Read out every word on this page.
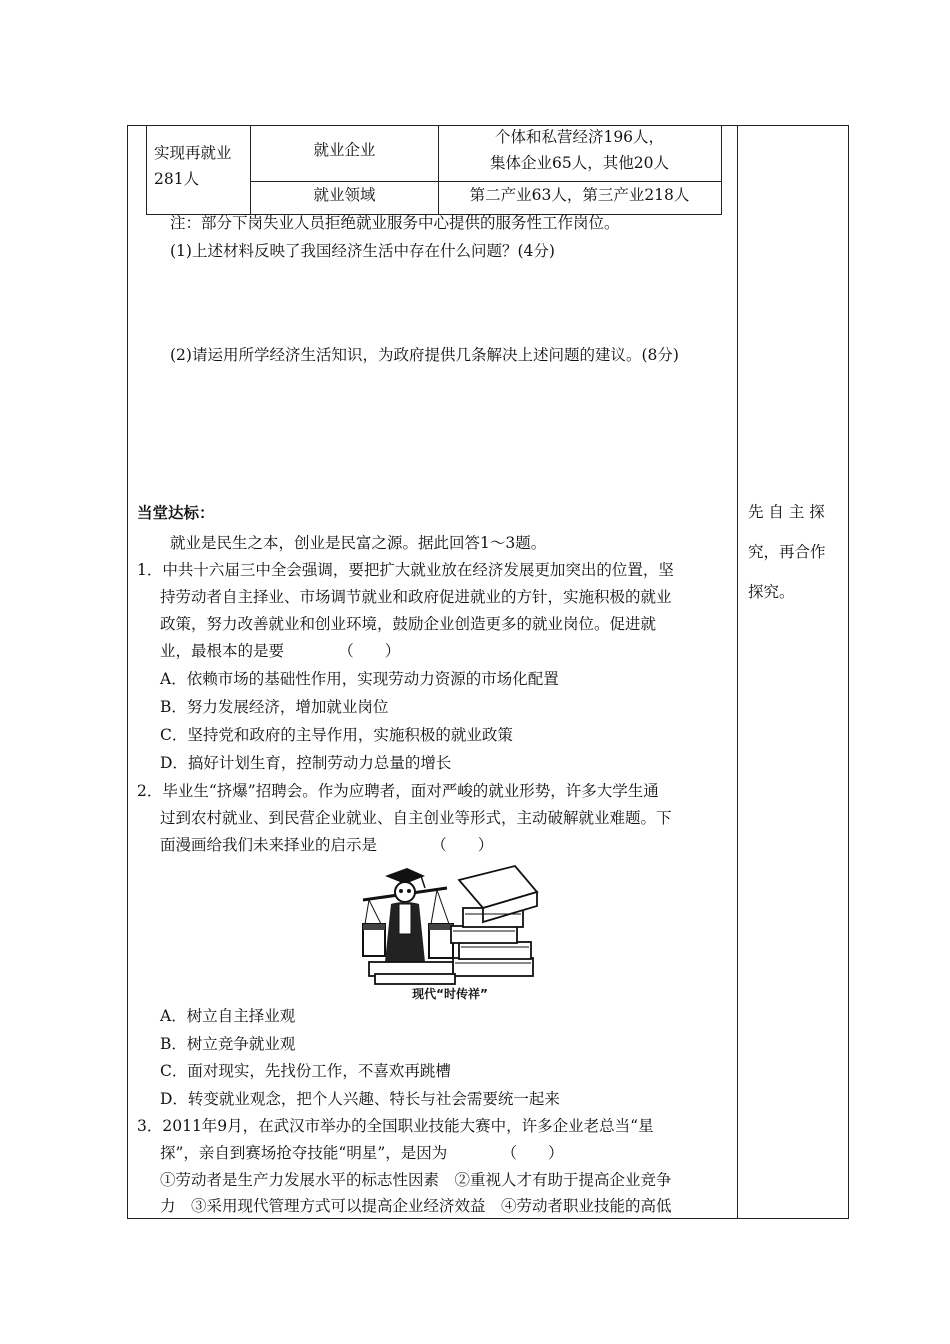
实现再就业281人
就业企业
个体和私营经济196人，
集体企业65人，其他20人
就业领域	第二产业63人，第三产业218人
注：部分下岗失业人员拒绝就业服务中心提供的服务性工作岗位。
(1)上述材料反映了我国经济生活中存在什么问题？(4分)
(2)请运用所学经济生活知识，为政府提供几条解决上述问题的建议。(8分)
当堂达标：
就业是民生之本，创业是民富之源。据此回答1～3题。
1．中共十六届三中全会强调，要把扩大就业放在经济发展更加突出的位置，坚
持劳动者自主择业、市场调节就业和政府促进就业的方针，实施积极的就业
政策，努力改善就业和创业环境，鼓励企业创造更多的就业岗位。促进就
业，最根本的是要　　　　（　　）
A．依赖市场的基础性作用，实现劳动力资源的市场化配置
B．努力发展经济，增加就业岗位
C．坚持党和政府的主导作用，实施积极的就业政策
D．搞好计划生育，控制劳动力总量的增长
2．毕业生“挤爆”招聘会。作为应聘者，面对严峻的就业形势，许多大学生通
过到农村就业、到民营企业就业、自主创业等形式，主动破解就业难题。下
面漫画给我们未来择业的启示是　　　　（　　）
现代“时传祥”
A．树立自主择业观
B．树立竞争就业观
C．面对现实，先找份工作，不喜欢再跳槽
D．转变就业观念，把个人兴趣、特长与社会需要统一起来
3．2011年9月，在武汉市举办的全国职业技能大赛中，许多企业老总当“星
探”，亲自到赛场抢夺技能“明星”，是因为　　　　（　　）
①劳动者是生产力发展水平的标志性因素　②重视人才有助于提高企业竞争
力　③采用现代管理方式可以提高企业经济效益　④劳动者职业技能的高低
先 自 主 探
究，再合作
探究。
